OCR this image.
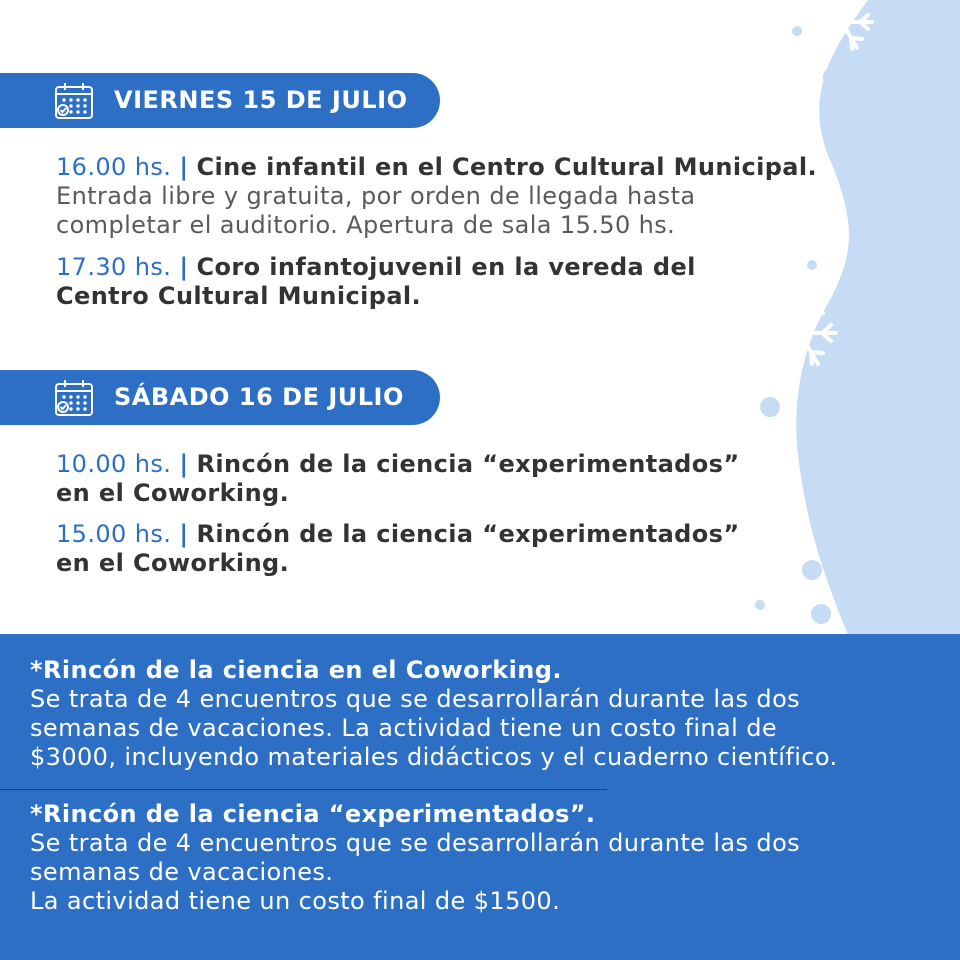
VIERNES 15 DE JULIO
16.00 hs. | Cine infantil en el Centro Cultural Municipal.
Entrada libre y gratuita, por orden de llegada hasta
completar el auditorio. Apertura de sala 15.50 hs.
17.30 hs. | Coro infantojuvenil en la vereda del
Centro Cultural Municipal.
SÁBADO 16 DE JULIO
10.00 hs. | Rincón de la ciencia “experimentados”
en el Coworking.
15.00 hs. | Rincón de la ciencia “experimentados”
en el Coworking.
*Rincón de la ciencia en el Coworking.
Se trata de 4 encuentros que se desarrollarán durante las dos
semanas de vacaciones. La actividad tiene un costo final de
$3000, incluyendo materiales didácticos y el cuaderno científico.
*Rincón de la ciencia “experimentados”.
Se trata de 4 encuentros que se desarrollarán durante las dos
semanas de vacaciones.
La actividad tiene un costo final de $1500.
